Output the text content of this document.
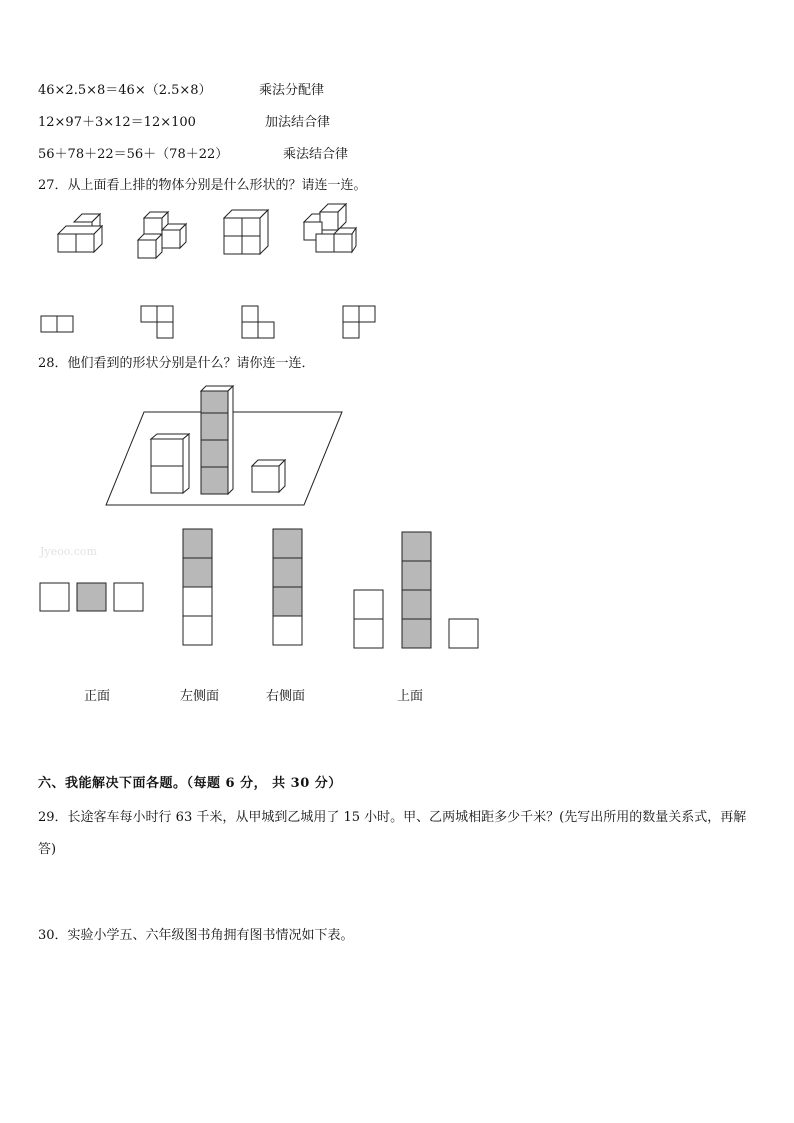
46×2.5×8＝46×（2.5×8）	乘法分配律
12×97＋3×12＝12×100	加法结合律
56＋78＋22＝56＋（78＋22）	乘法结合律
27．从上面看上排的物体分别是什么形状的？请连一连。
28．他们看到的形状分别是什么？请你连一连．
Jyeoo.com
正面	左侧面	右侧面	上面
六、我能解决下面各题。（每题 6 分， 共 30 分）
29．长途客车每小时行 63 千米，从甲城到乙城用了 15 小时。甲、乙两城相距多少千米？(先写出所用的数量关系式，再解答)
30．实验小学五、六年级图书角拥有图书情况如下表。
